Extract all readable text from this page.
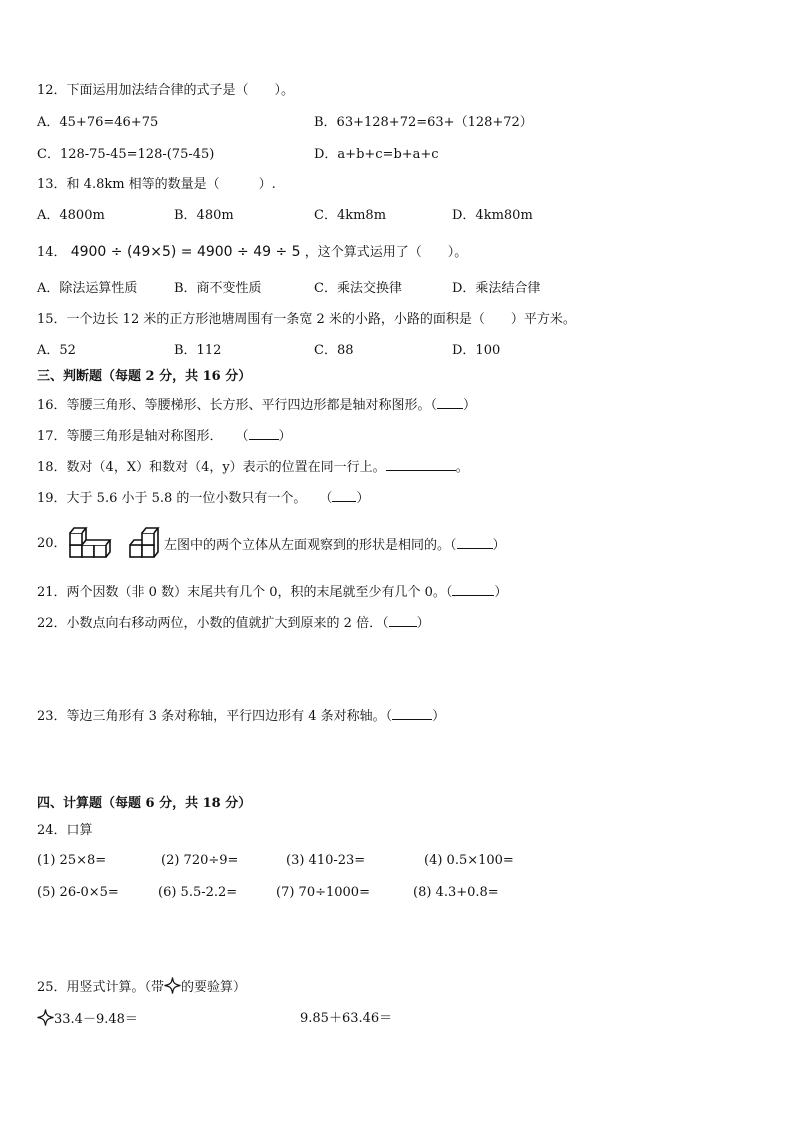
12．下面运用加法结合律的式子是（　　）。
A．45+76=46+75	B．63+128+72=63+（128+72）
C．128-75-45=128-(75-45)	D．a+b+c=b+a+c
13．和 4.8km 相等的数量是（　　　）.
A．4800m	B．480m	C．4km8m	D．4km80m
14． 4900 ÷ (49×5) = 4900 ÷ 49 ÷ 5 ，这个算式运用了（　　）。
A．除法运算性质	B．商不变性质	C．乘法交换律	D．乘法结合律
15．一个边长 12 米的正方形池塘周围有一条宽 2 米的小路，小路的面积是（　　）平方米。
A．52	B．112	C．88	D．100
三、判断题（每题 2 分，共 16 分）
16．等腰三角形、等腰梯形、长方形、平行四边形都是轴对称图形。（ ）
17．等腰三角形是轴对称图形．　　（ ）
18．数对（4，X）和数对（4，y）表示的位置在同一行上。	。
19．大于 5.6 小于 5.8 的一位小数只有一个。　　（ ）
20．	左图中的两个立体从左面观察到的形状是相同的。（	）
21．两个因数（非 0 数）末尾共有几个 0，积的末尾就至少有几个 0。（	）
22．小数点向右移动两位，小数的值就扩大到原来的 2 倍．（ ）
23．等边三角形有 3 条对称轴，平行四边形有 4 条对称轴。（	）
四、计算题（每题 6 分，共 18 分）
24．口算
(1) 25×8=	(2) 720÷9=	(3) 410-23=	(4) 0.5×100=
(5) 26-0×5=	(6) 5.5-2.2=	(7) 70÷1000=	(8) 4.3+0.8=
25．用竖式计算。（带 的要验算）
33.4－9.48＝	9.85＋63.46＝
